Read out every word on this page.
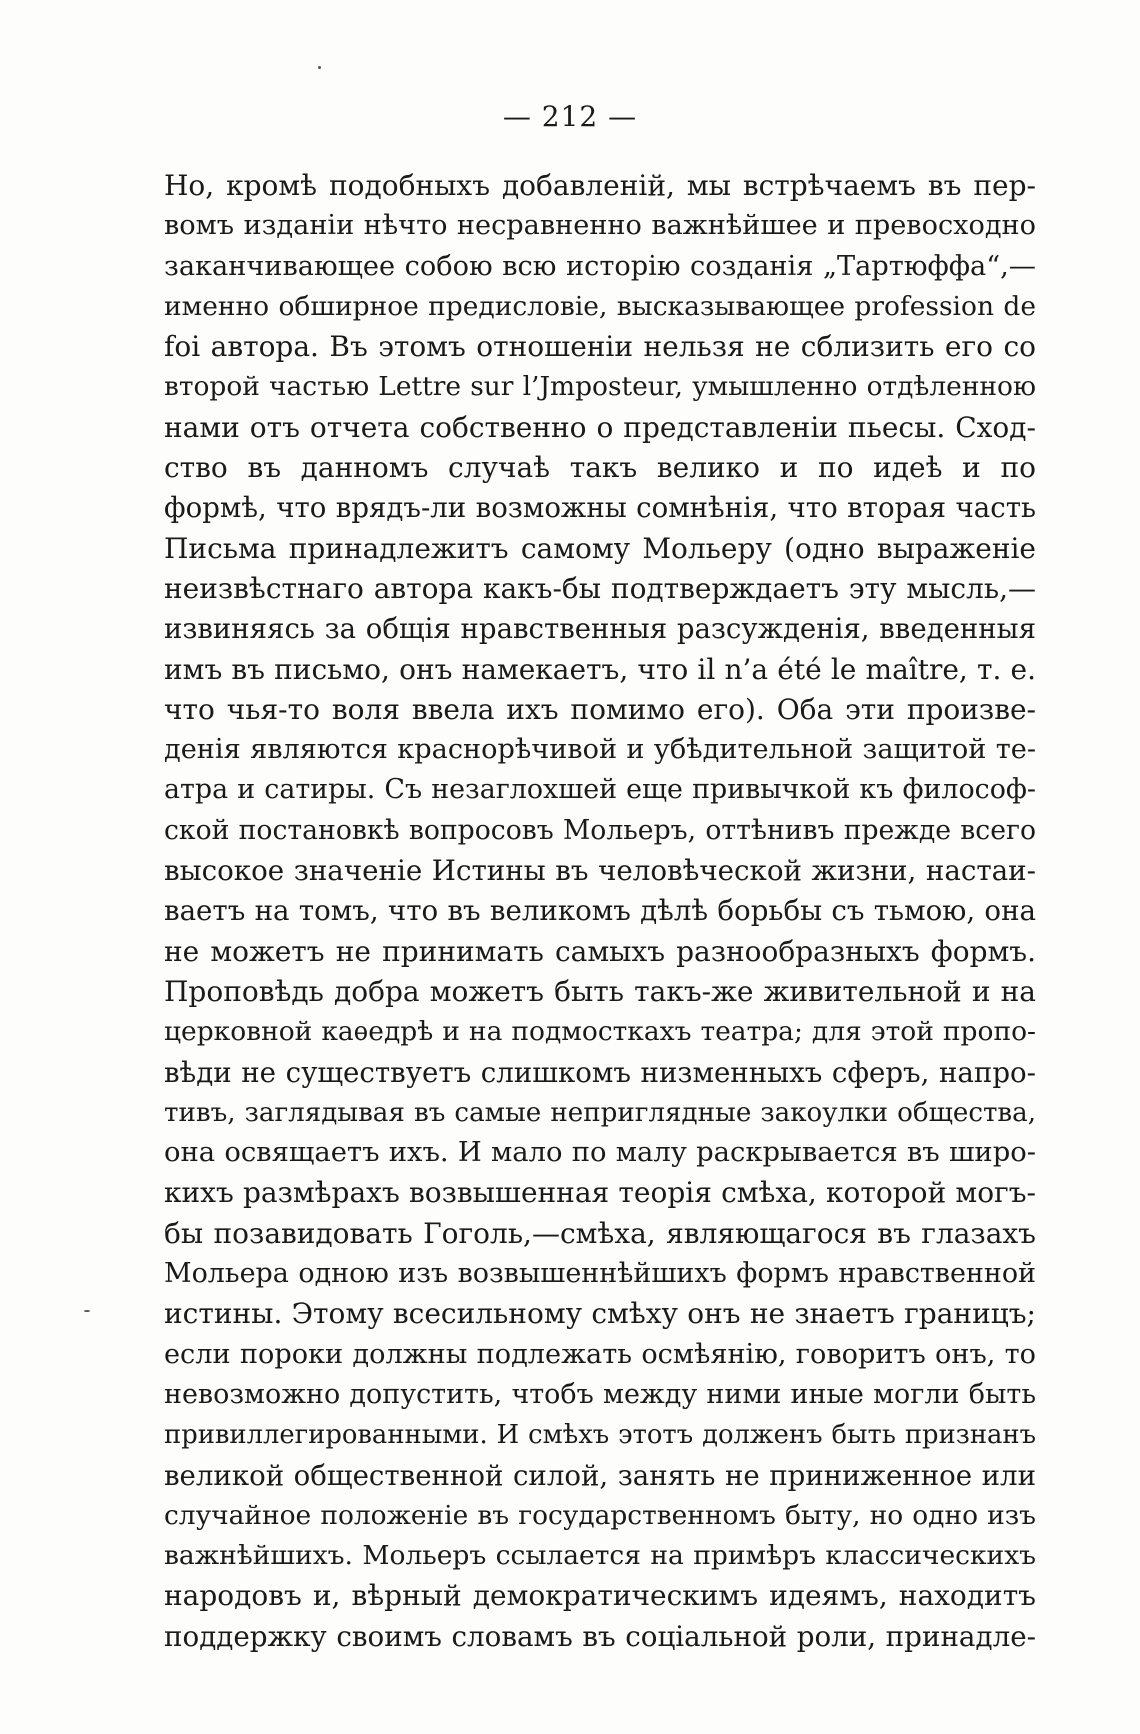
— 212 —
Но, кромѣ подобныхъ добавленій, мы встрѣчаемъ въ пер-
вомъ изданіи нѣчто несравненно важнѣйшее и превосходно
заканчивающее собою всю исторію созданія „Тартюффа“,—
именно обширное предисловіе, высказывающее profession de
foi автора. Въ этомъ отношеніи нельзя не сблизить его со
второй частью Lettre sur l’Jmposteur, умышленно отдѣленною
нами отъ отчета собственно о представленіи пьесы. Сход-
ство въ данномъ случаѣ такъ велико и по идеѣ и по
формѣ, что врядъ-ли возможны сомнѣнія, что вторая часть
Письма принадлежитъ самому Мольеру (одно выраженіе
неизвѣстнаго автора какъ-бы подтверждаетъ эту мысль,—
извиняясь за общія нравственныя разсужденія, введенныя
имъ въ письмо, онъ намекаетъ, что il n’a été le maître, т. е.
что чья-то воля ввела ихъ помимо его). Оба эти произве-
денія являются краснорѣчивой и убѣдительной защитой те-
атра и сатиры. Съ незаглохшей еще привычкой къ философ-
ской постановкѣ вопросовъ Мольеръ, оттѣнивъ прежде всего
высокое значеніе Истины въ человѣческой жизни, настаи-
ваетъ на томъ, что въ великомъ дѣлѣ борьбы съ тьмою, она
не можетъ не принимать самыхъ разнообразныхъ формъ.
Проповѣдь добра можетъ быть такъ-же живительной и на
церковной каѳедрѣ и на подмосткахъ театра; для этой пропо-
вѣди не существуетъ слишкомъ низменныхъ сферъ, напро-
тивъ, заглядывая въ самые неприглядные закоулки общества,
она освящаетъ ихъ. И мало по малу раскрывается въ широ-
кихъ размѣрахъ возвышенная теорія смѣха, которой могъ-
бы позавидовать Гоголь,—смѣха, являющагося въ глазахъ
Мольера одною изъ возвышеннѣйшихъ формъ нравственной
истины. Этому всесильному смѣху онъ не знаетъ границъ;
если пороки должны подлежать осмѣянію, говоритъ онъ, то
невозможно допустить, чтобъ между ними иные могли быть
привиллегированными. И смѣхъ этотъ долженъ быть признанъ
великой общественной силой, занять не приниженное или
случайное положеніе въ государственномъ быту, но одно изъ
важнѣйшихъ. Мольеръ ссылается на примѣръ классическихъ
народовъ и, вѣрный демократическимъ идеямъ, находитъ
поддержку своимъ словамъ въ соціальной роли, принадле-
